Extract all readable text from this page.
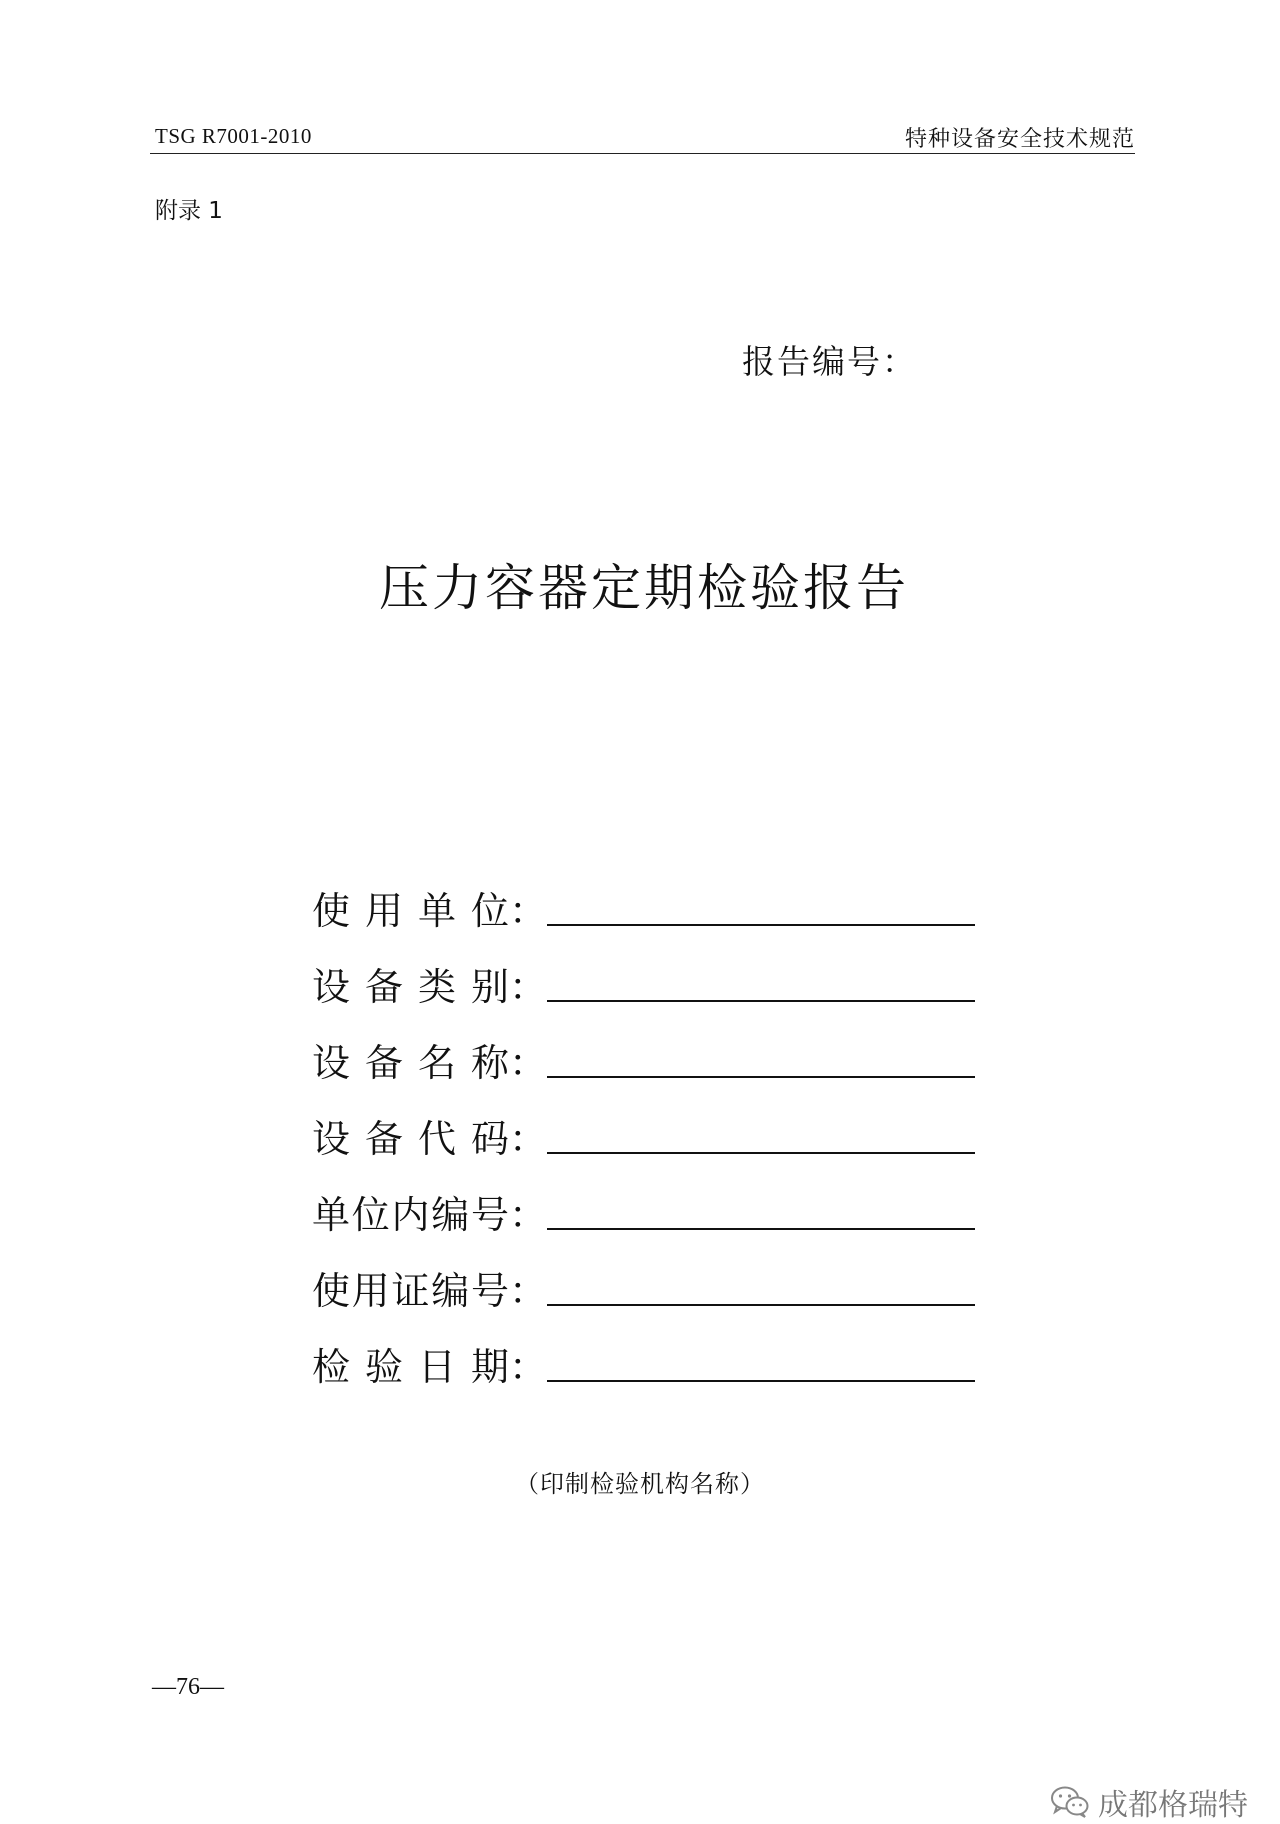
TSG R7001-2010	特种设备安全技术规范
附录 1
报告编号：
压力容器定期检验报告
使 用 单 位 ：
设 备 类 别 ：
设 备 名 称 ：
设 备 代 码 ：
单 位 内 编 号 ：
使 用 证 编 号 ：
检 验 日 期 ：
（印制检验机构名称）
—76—
成都格瑞特
